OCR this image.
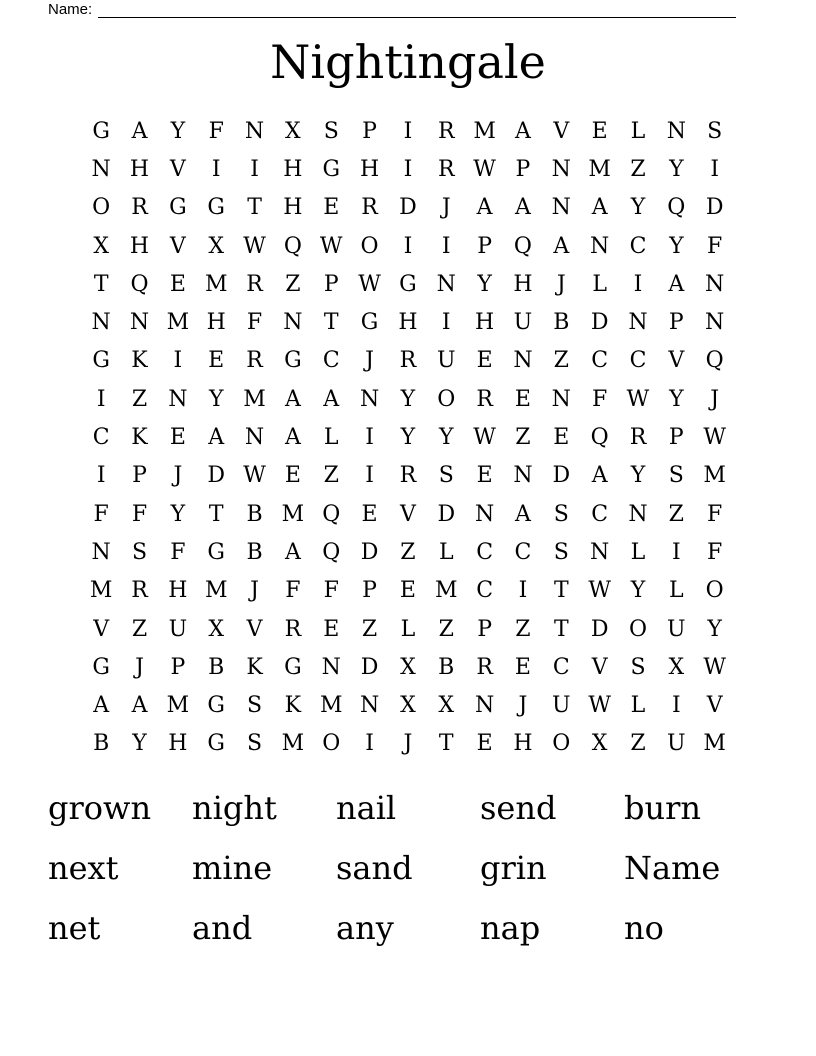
Name:
Nightingale
G A	Y	F N X	S	P	I	R M A	V	E	L N S
N H V	I	I	H G H	I	R W P N M Z	Y	I
O R G G	T H E	R D	J	A	A N A	Y	Q D
X H V	X W Q W O	I	I	P Q A N C	Y	F
T Q E M R	Z	P W G N Y H	J	L	I	A N
N N M H F N T	G H	I	H U B D N P N
G K	I	E	R G C	J	R U E N Z	C C V Q
I	Z N Y M A	A N Y	O R	E N F W Y	J
C K	E	A N A	L	I	Y	Y W Z	E Q R	P W
I	P	J	D W E	Z	I	R	S	E N D A	Y	S M
F	F	Y	T	B M Q E	V D N A	S	C N Z	F
N S	F G B	A Q D Z	L	C C	S N L	I	F
M R H M	J	F	F	P	E M C	I	T W Y	L	O
V	Z U X	V	R	E	Z	L	Z	P	Z	T	D O U Y
G	J	P	B	K G N D X	B R	E C V	S	X W
A	A M G	S	K M N X	X N	J	U W L	I	V
B	Y H G	S M O	I	J	T	E H O X	Z U M
grown	night	nail	send	burn
next	mine	sand	grin	Name
net	and	any	nap	no
